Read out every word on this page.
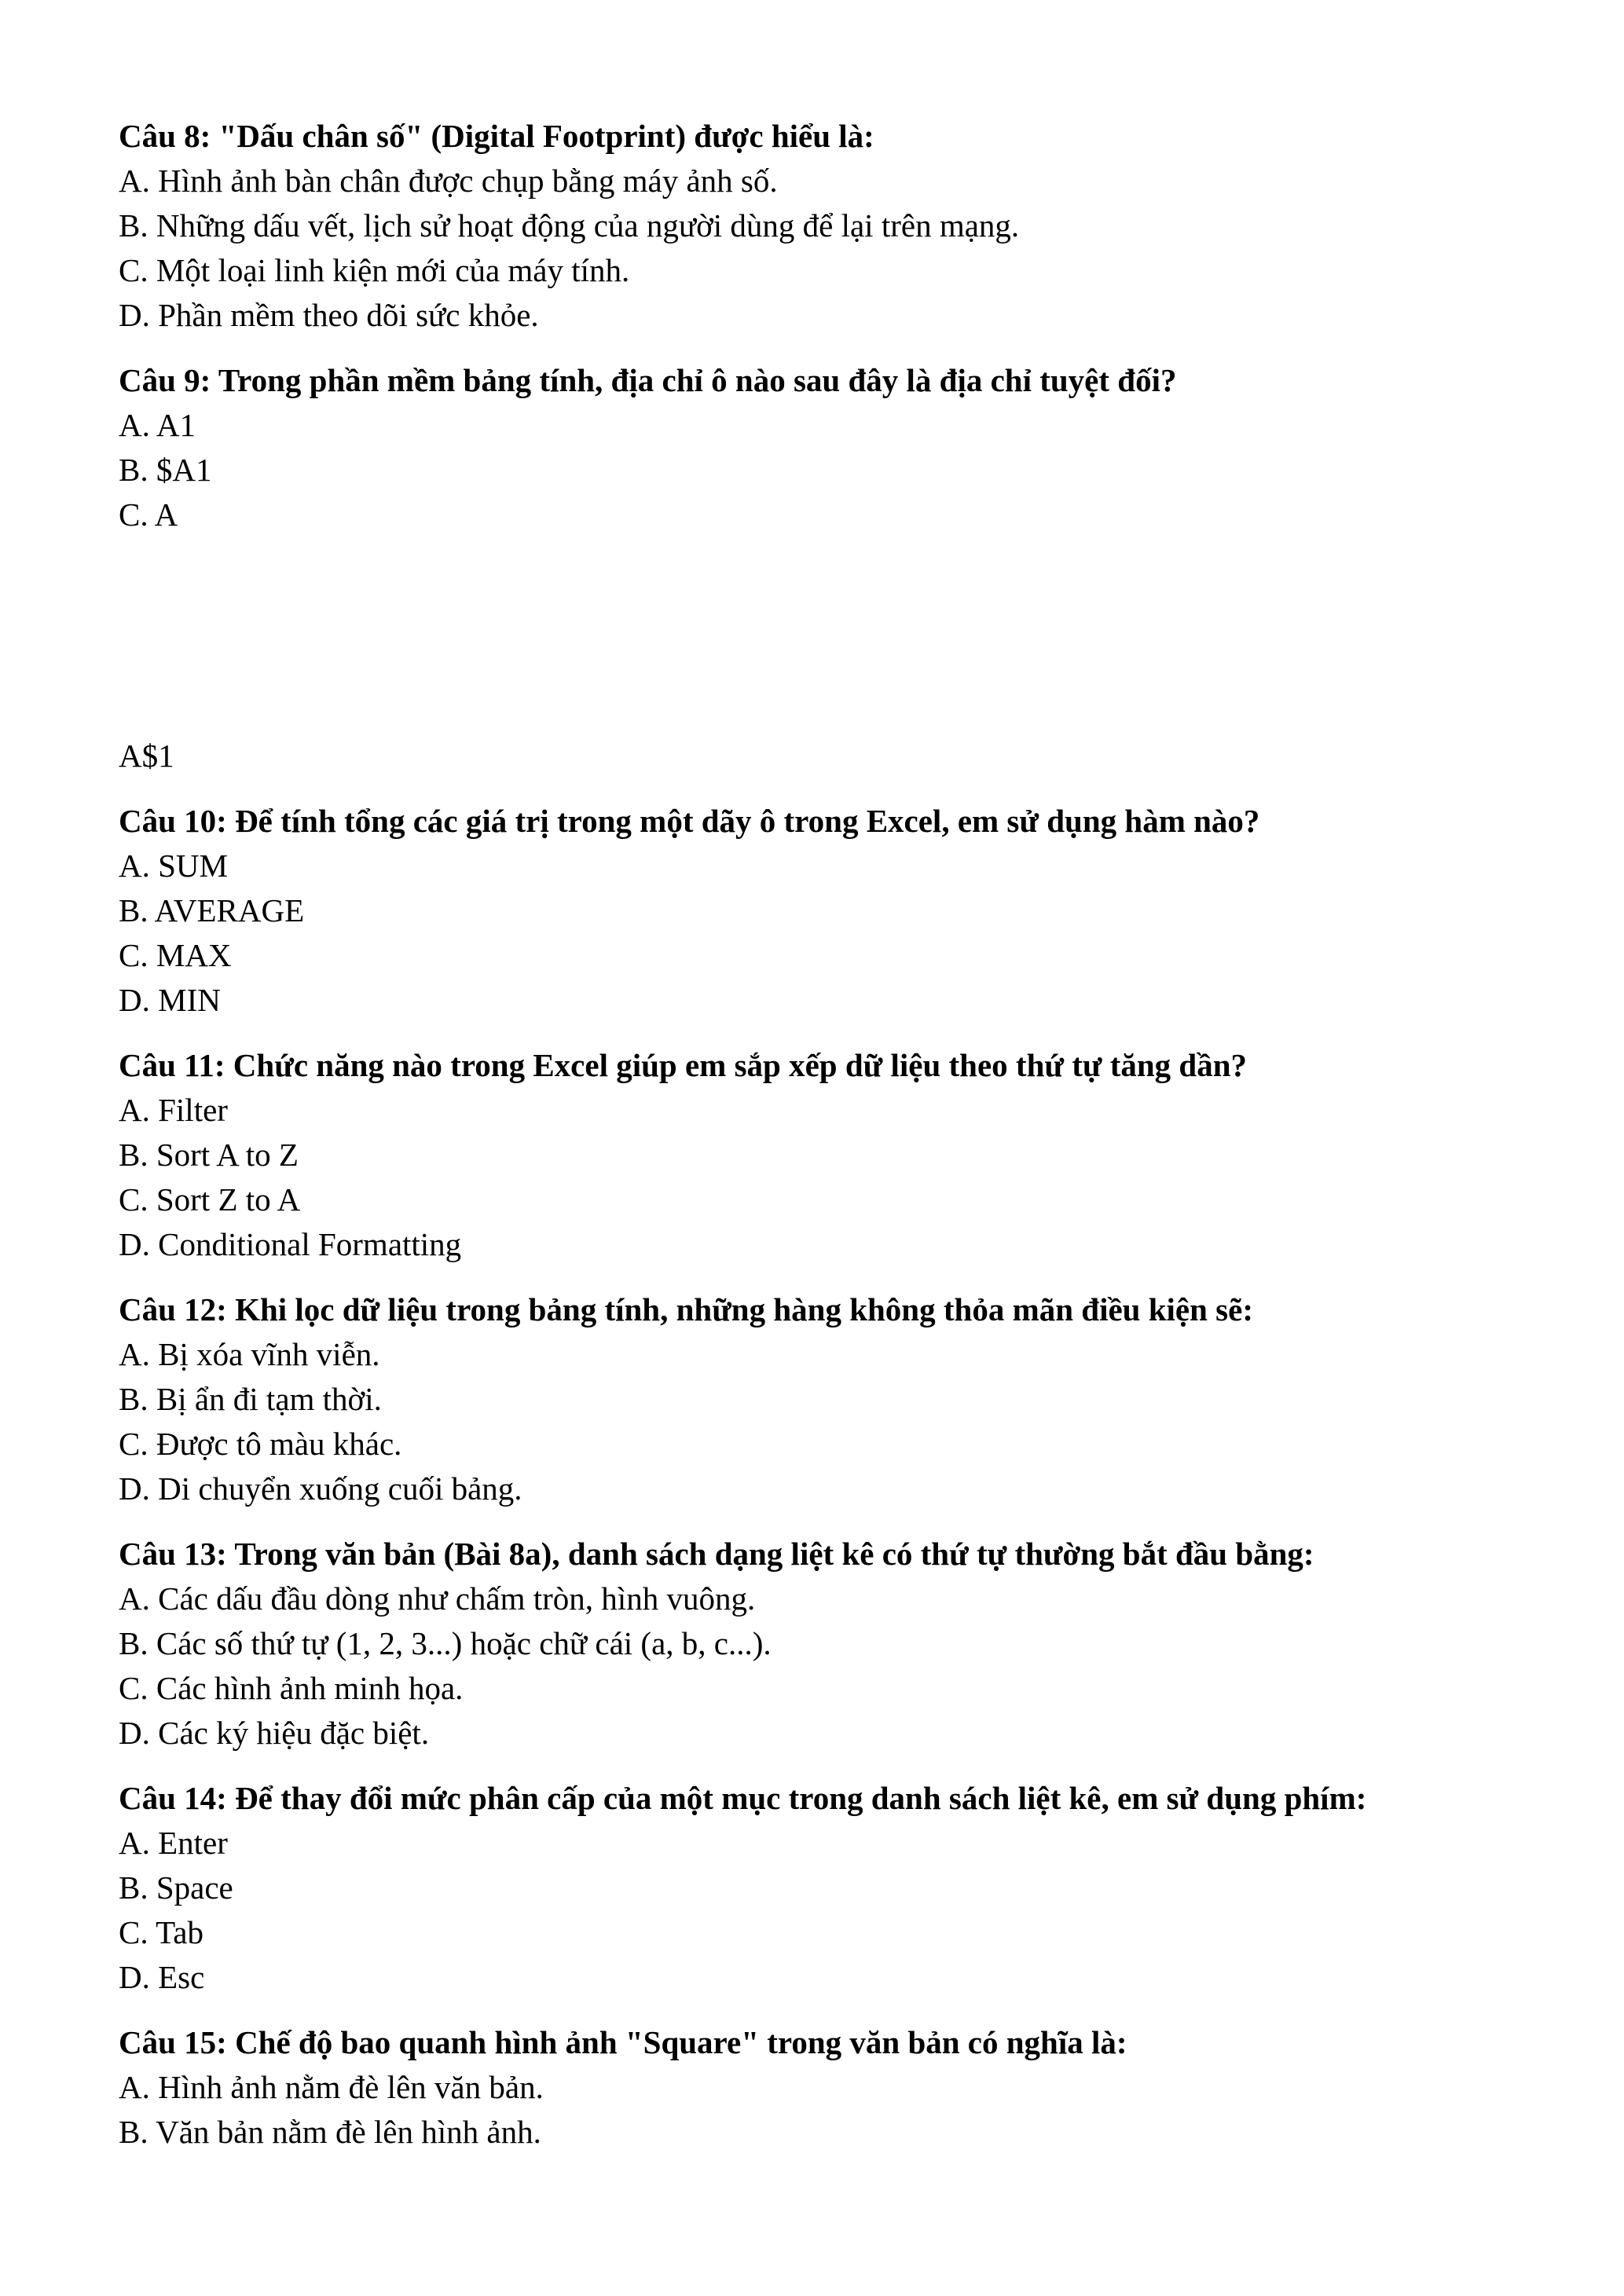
Câu 8: "Dấu chân số" (Digital Footprint) được hiểu là:

A. Hình ảnh bàn chân được chụp bằng máy ảnh số.

B. Những dấu vết, lịch sử hoạt động của người dùng để lại trên mạng.

C. Một loại linh kiện mới của máy tính.

D. Phần mềm theo dõi sức khỏe.

Câu 9: Trong phần mềm bảng tính, địa chỉ ô nào sau đây là địa chỉ tuyệt đối?

A. A1

B. $A1

C. A

A$1

Câu 10: Để tính tổng các giá trị trong một dãy ô trong Excel, em sử dụng hàm nào?

A. SUM

B. AVERAGE

C. MAX

D. MIN

Câu 11: Chức năng nào trong Excel giúp em sắp xếp dữ liệu theo thứ tự tăng dần?

A. Filter

B. Sort A to Z

C. Sort Z to A

D. Conditional Formatting

Câu 12: Khi lọc dữ liệu trong bảng tính, những hàng không thỏa mãn điều kiện sẽ:

A. Bị xóa vĩnh viễn.

B. Bị ẩn đi tạm thời.

C. Được tô màu khác.

D. Di chuyển xuống cuối bảng.

Câu 13: Trong văn bản (Bài 8a), danh sách dạng liệt kê có thứ tự thường bắt đầu bằng:

A. Các dấu đầu dòng như chấm tròn, hình vuông.

B. Các số thứ tự (1, 2, 3...) hoặc chữ cái (a, b, c...).

C. Các hình ảnh minh họa.

D. Các ký hiệu đặc biệt.

Câu 14: Để thay đổi mức phân cấp của một mục trong danh sách liệt kê, em sử dụng phím:

A. Enter

B. Space

C. Tab

D. Esc

Câu 15: Chế độ bao quanh hình ảnh "Square" trong văn bản có nghĩa là:

A. Hình ảnh nằm đè lên văn bản.

B. Văn bản nằm đè lên hình ảnh.
